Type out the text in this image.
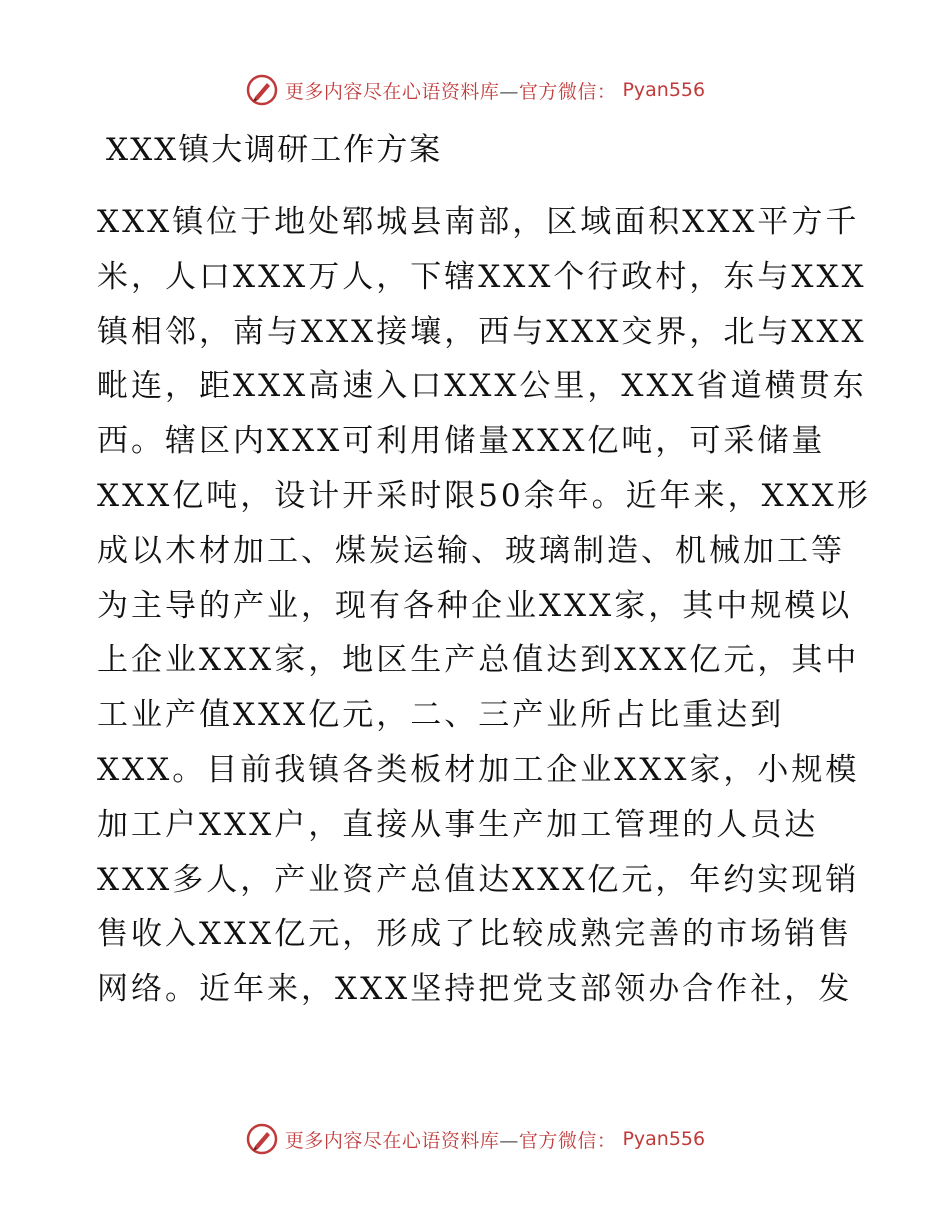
更多内容尽在心语资料库—官方微信： Pyan556
XXX镇大调研工作方案
XXX镇位于地处郓城县南部，区域面积XXX平方千
米，人口XXX万人，下辖XXX个行政村，东与XXX
镇相邻，南与XXX接壤，西与XXX交界，北与XXX
毗连，距XXX高速入口XXX公里，XXX省道横贯东
西。辖区内XXX可利用储量XXX亿吨，可采储量
XXX亿吨，设计开采时限50余年。近年来，XXX形
成以木材加工、煤炭运输、玻璃制造、机械加工等
为主导的产业，现有各种企业XXX家，其中规模以
上企业XXX家，地区生产总值达到XXX亿元，其中
工业产值XXX亿元，二、三产业所占比重达到
XXX。目前我镇各类板材加工企业XXX家，小规模
加工户XXX户，直接从事生产加工管理的人员达
XXX多人，产业资产总值达XXX亿元，年约实现销
售收入XXX亿元，形成了比较成熟完善的市场销售
网络。近年来，XXX坚持把党支部领办合作社，发
更多内容尽在心语资料库—官方微信： Pyan556
